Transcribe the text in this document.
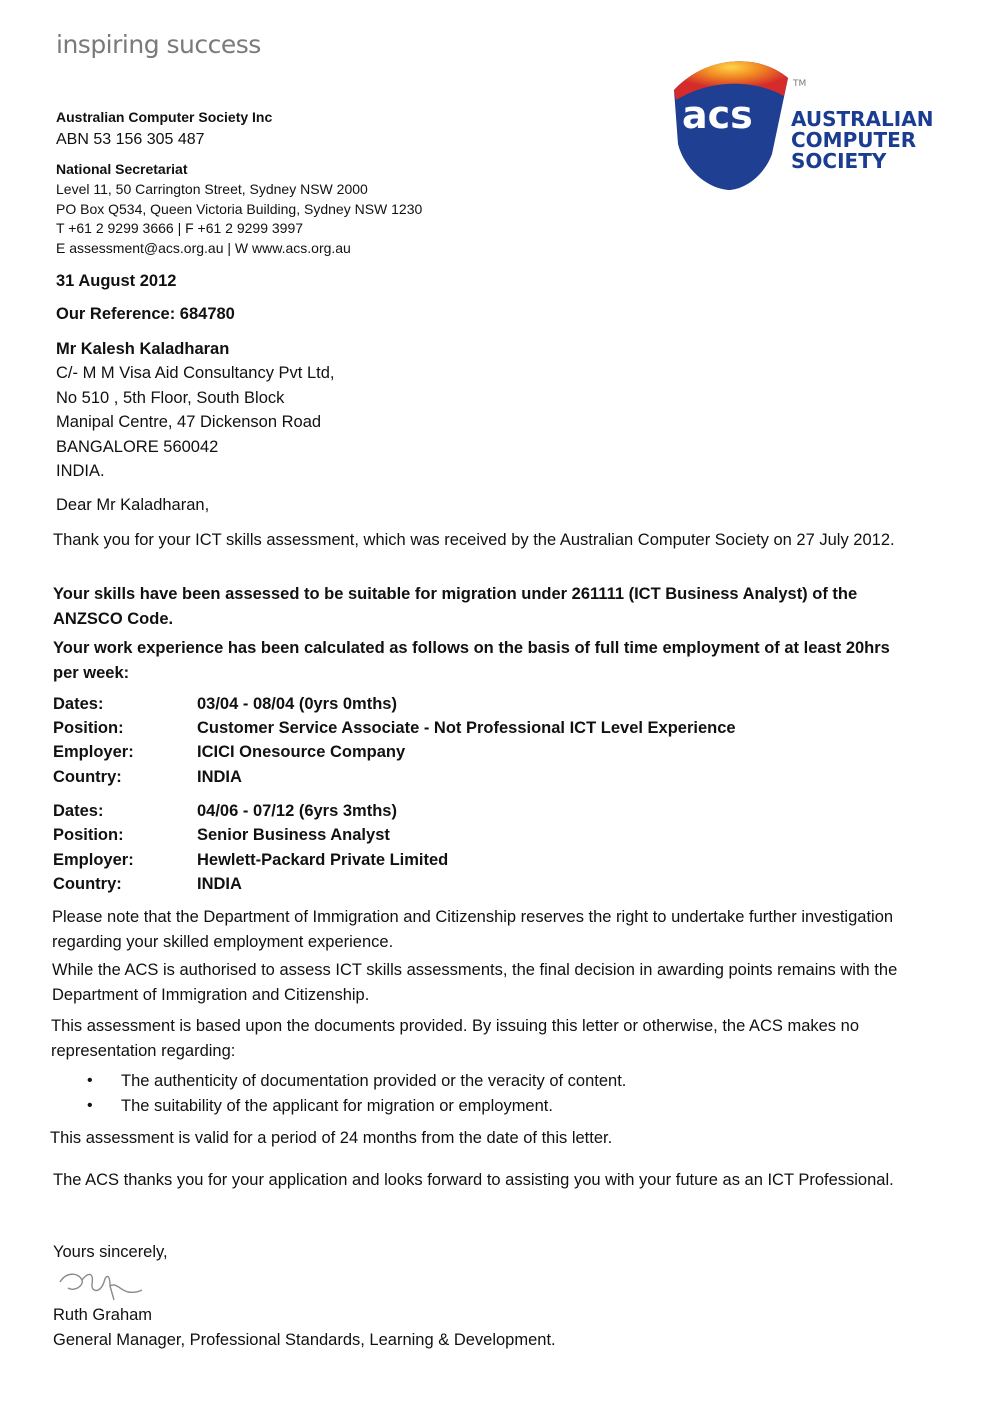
inspiring success
Australian Computer Society Inc
ABN 53 156 305 487
National Secretariat
Level 11, 50 Carrington Street, Sydney NSW 2000
PO Box Q534, Queen Victoria Building, Sydney NSW 1230
T +61 2 9299 3666 | F +61 2 9299 3997
E assessment@acs.org.au | W www.acs.org.au
acs
TM
AUSTRALIAN
COMPUTER
SOCIETY
31 August 2012
Our Reference: 684780
Mr Kalesh Kaladharan
C/- M M Visa Aid Consultancy Pvt Ltd,
No 510 , 5th Floor, South Block
Manipal Centre, 47 Dickenson Road
BANGALORE 560042
INDIA.
Dear Mr Kaladharan,
Thank you for your ICT skills assessment, which was received by the Australian Computer Society on 27 July 2012.
Your skills have been assessed to be suitable for migration under 261111 (ICT Business Analyst) of the ANZSCO Code.
Your work experience has been calculated as follows on the basis of full time employment of at least 20hrs per week:
Dates:	03/04 - 08/04 (0yrs 0mths)
Position:	Customer Service Associate - Not Professional ICT Level Experience
Employer:	ICICI Onesource Company
Country:	INDIA
Dates:	04/06 - 07/12 (6yrs 3mths)
Position:	Senior Business Analyst
Employer:	Hewlett-Packard Private Limited
Country:	INDIA
Please note that the Department of Immigration and Citizenship reserves the right to undertake further investigation regarding your skilled employment experience.
While the ACS is authorised to assess ICT skills assessments, the final decision in awarding points remains with the Department of Immigration and Citizenship.
This assessment is based upon the documents provided. By issuing this letter or otherwise, the ACS makes no representation regarding:
• The authenticity of documentation provided or the veracity of content.
• The suitability of the applicant for migration or employment.
This assessment is valid for a period of 24 months from the date of this letter.
The ACS thanks you for your application and looks forward to assisting you with your future as an ICT Professional.
Yours sincerely,
Ruth Graham
General Manager, Professional Standards, Learning & Development.
